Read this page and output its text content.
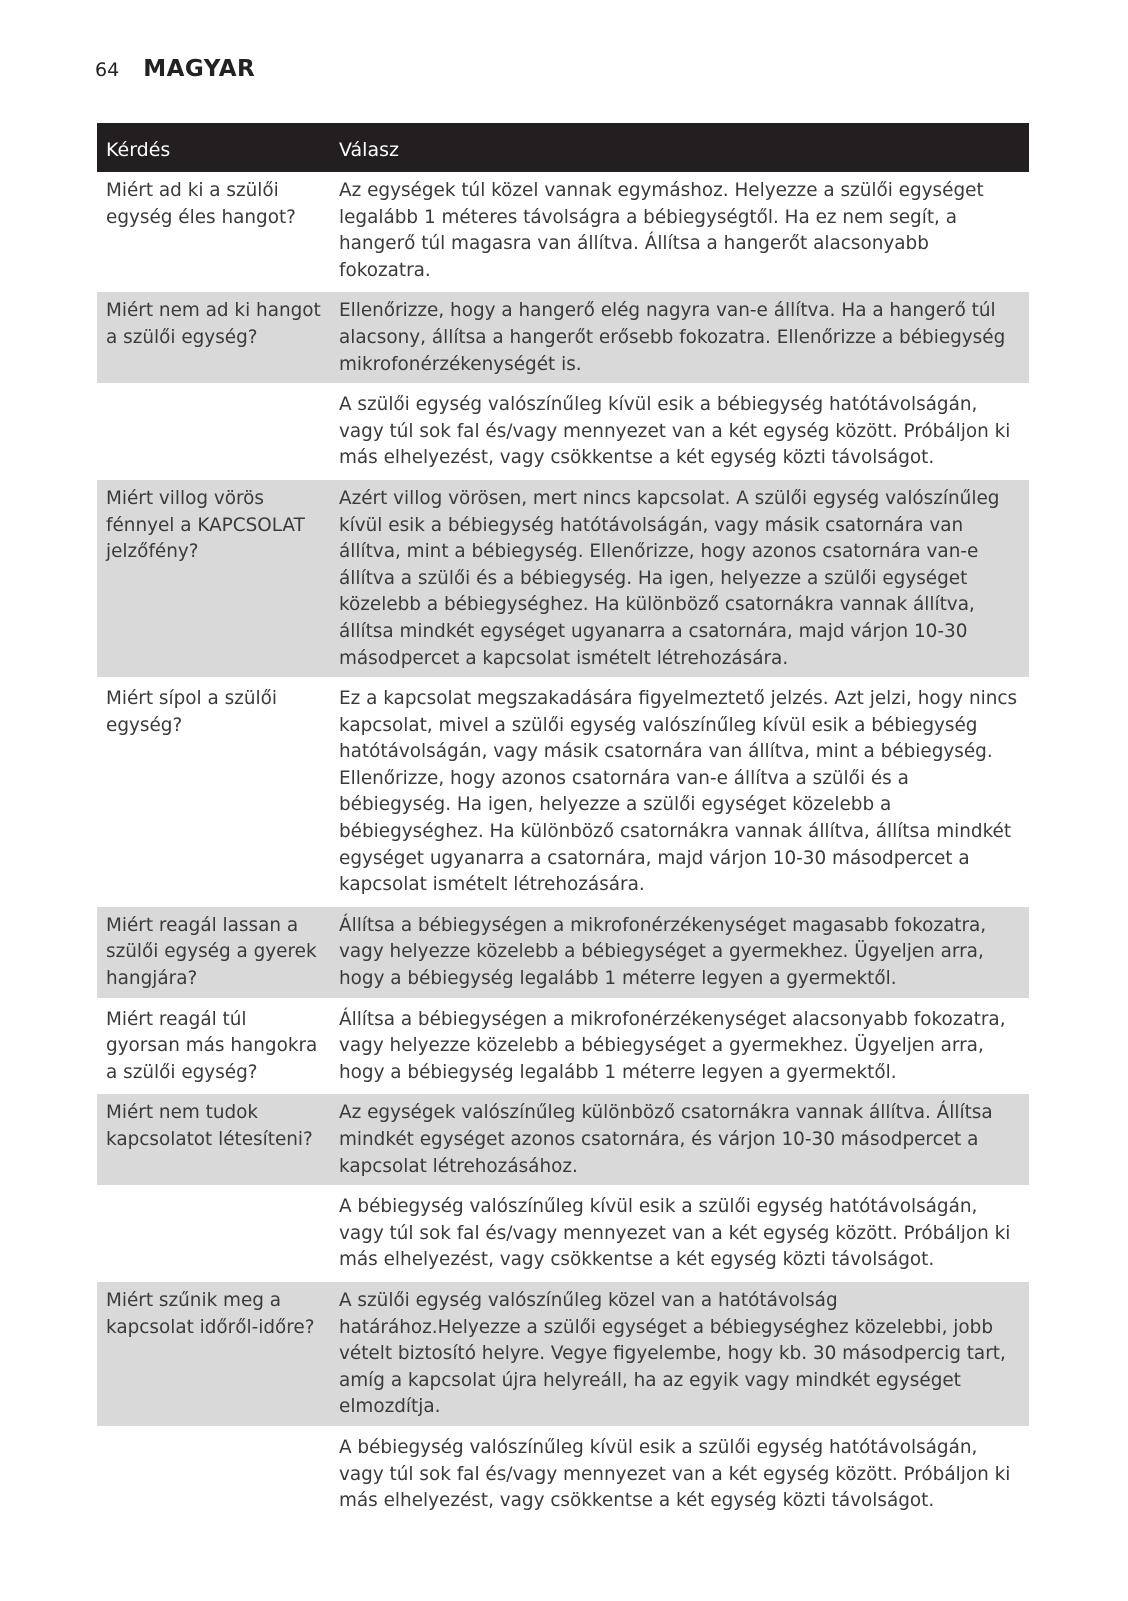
64 MAGYAR
Kérdés	Válasz
Miért ad ki a szülői egység éles hangot?	Az egységek túl közel vannak egymáshoz. Helyezze a szülői egységet legalább 1 méteres távolságra a bébiegységtől. Ha ez nem segít, a hangerő túl magasra van állítva. Állítsa a hangerőt alacsonyabb fokozatra.
Miért nem ad ki hangot a szülői egység?	Ellenőrizze, hogy a hangerő elég nagyra van-e állítva. Ha a hangerő túl alacsony, állítsa a hangerőt erősebb fokozatra. Ellenőrizze a bébiegység mikrofonérzékenységét is.
	A szülői egység valószínűleg kívül esik a bébiegység hatótávolságán, vagy túl sok fal és/vagy mennyezet van a két egység között. Próbáljon ki más elhelyezést, vagy csökkentse a két egység közti távolságot.
Miért villog vörös fénnyel a KAPCSOLAT jelzőfény?	Azért villog vörösen, mert nincs kapcsolat. A szülői egység valószínűleg kívül esik a bébiegység hatótávolságán, vagy másik csatornára van állítva, mint a bébiegység. Ellenőrizze, hogy azonos csatornára van-e állítva a szülői és a bébiegység. Ha igen, helyezze a szülői egységet közelebb a bébiegységhez. Ha különböző csatornákra vannak állítva, állítsa mindkét egységet ugyanarra a csatornára, majd várjon 10-30 másodpercet a kapcsolat ismételt létrehozására.
Miért sípol a szülői egység?	Ez a kapcsolat megszakadására figyelmeztető jelzés. Azt jelzi, hogy nincs kapcsolat, mivel a szülői egység valószínűleg kívül esik a bébiegység hatótávolságán, vagy másik csatornára van állítva, mint a bébiegység. Ellenőrizze, hogy azonos csatornára van-e állítva a szülői és a bébiegység. Ha igen, helyezze a szülői egységet közelebb a bébiegységhez. Ha különböző csatornákra vannak állítva, állítsa mindkét egységet ugyanarra a csatornára, majd várjon 10-30 másodpercet a kapcsolat ismételt létrehozására.
Miért reagál lassan a szülői egység a gyerek hangjára?	Állítsa a bébiegységen a mikrofonérzékenységet magasabb fokozatra, vagy helyezze közelebb a bébiegységet a gyermekhez. Ügyeljen arra, hogy a bébiegység legalább 1 méterre legyen a gyermektől.
Miért reagál túl gyorsan más hangokra a szülői egység?	Állítsa a bébiegységen a mikrofonérzékenységet alacsonyabb fokozatra, vagy helyezze közelebb a bébiegységet a gyermekhez. Ügyeljen arra, hogy a bébiegység legalább 1 méterre legyen a gyermektől.
Miért nem tudok kapcsolatot létesíteni?	Az egységek valószínűleg különböző csatornákra vannak állítva. Állítsa mindkét egységet azonos csatornára, és várjon 10-30 másodpercet a kapcsolat létrehozásához.
	A bébiegység valószínűleg kívül esik a szülői egység hatótávolságán, vagy túl sok fal és/vagy mennyezet van a két egység között. Próbáljon ki más elhelyezést, vagy csökkentse a két egység közti távolságot.
Miért szűnik meg a kapcsolat időről-időre?	A szülői egység valószínűleg közel van a hatótávolság határához.Helyezze a szülői egységet a bébiegységhez közelebbi, jobb vételt biztosító helyre. Vegye figyelembe, hogy kb. 30 másodpercig tart, amíg a kapcsolat újra helyreáll, ha az egyik vagy mindkét egységet elmozdítja.
	A bébiegység valószínűleg kívül esik a szülői egység hatótávolságán, vagy túl sok fal és/vagy mennyezet van a két egység között. Próbáljon ki más elhelyezést, vagy csökkentse a két egység közti távolságot.
